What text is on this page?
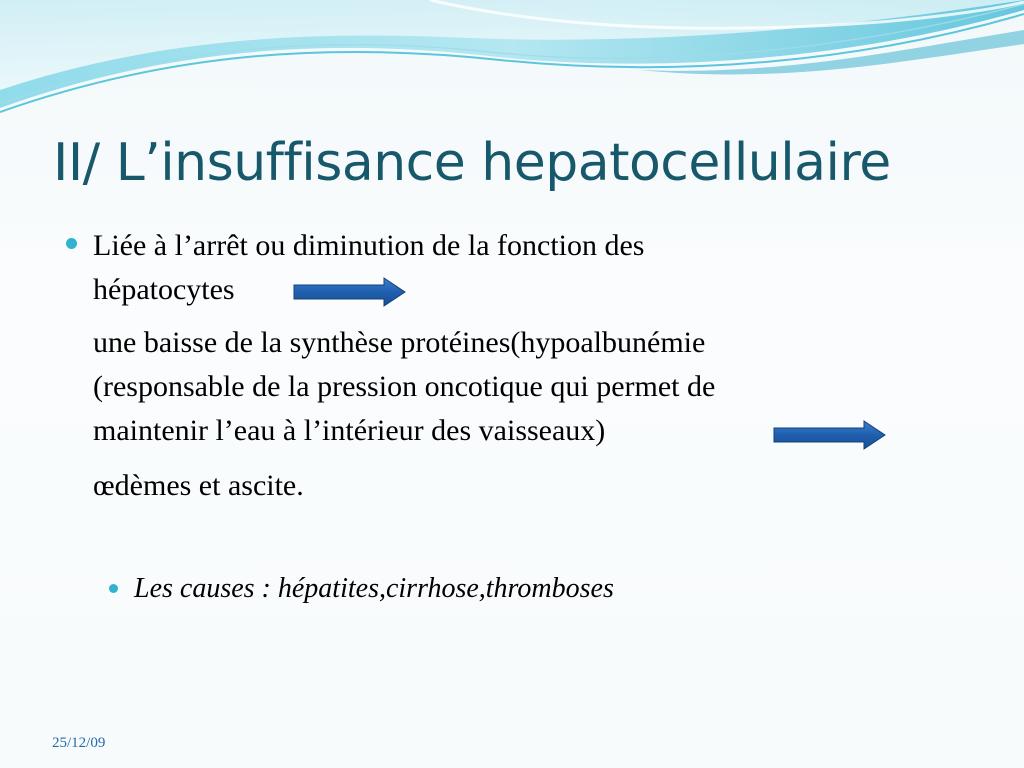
II/ L’insuffisance hepatocellulaire
Liée à l’arrêt ou diminution de la fonction des
hépatocytes
une baisse de la synthèse protéines(hypoalbunémie
(responsable de la pression oncotique qui permet de
maintenir l’eau à l’intérieur des vaisseaux)
œdèmes et ascite.
Les causes : hépatites,cirrhose,thromboses
25/12/09
